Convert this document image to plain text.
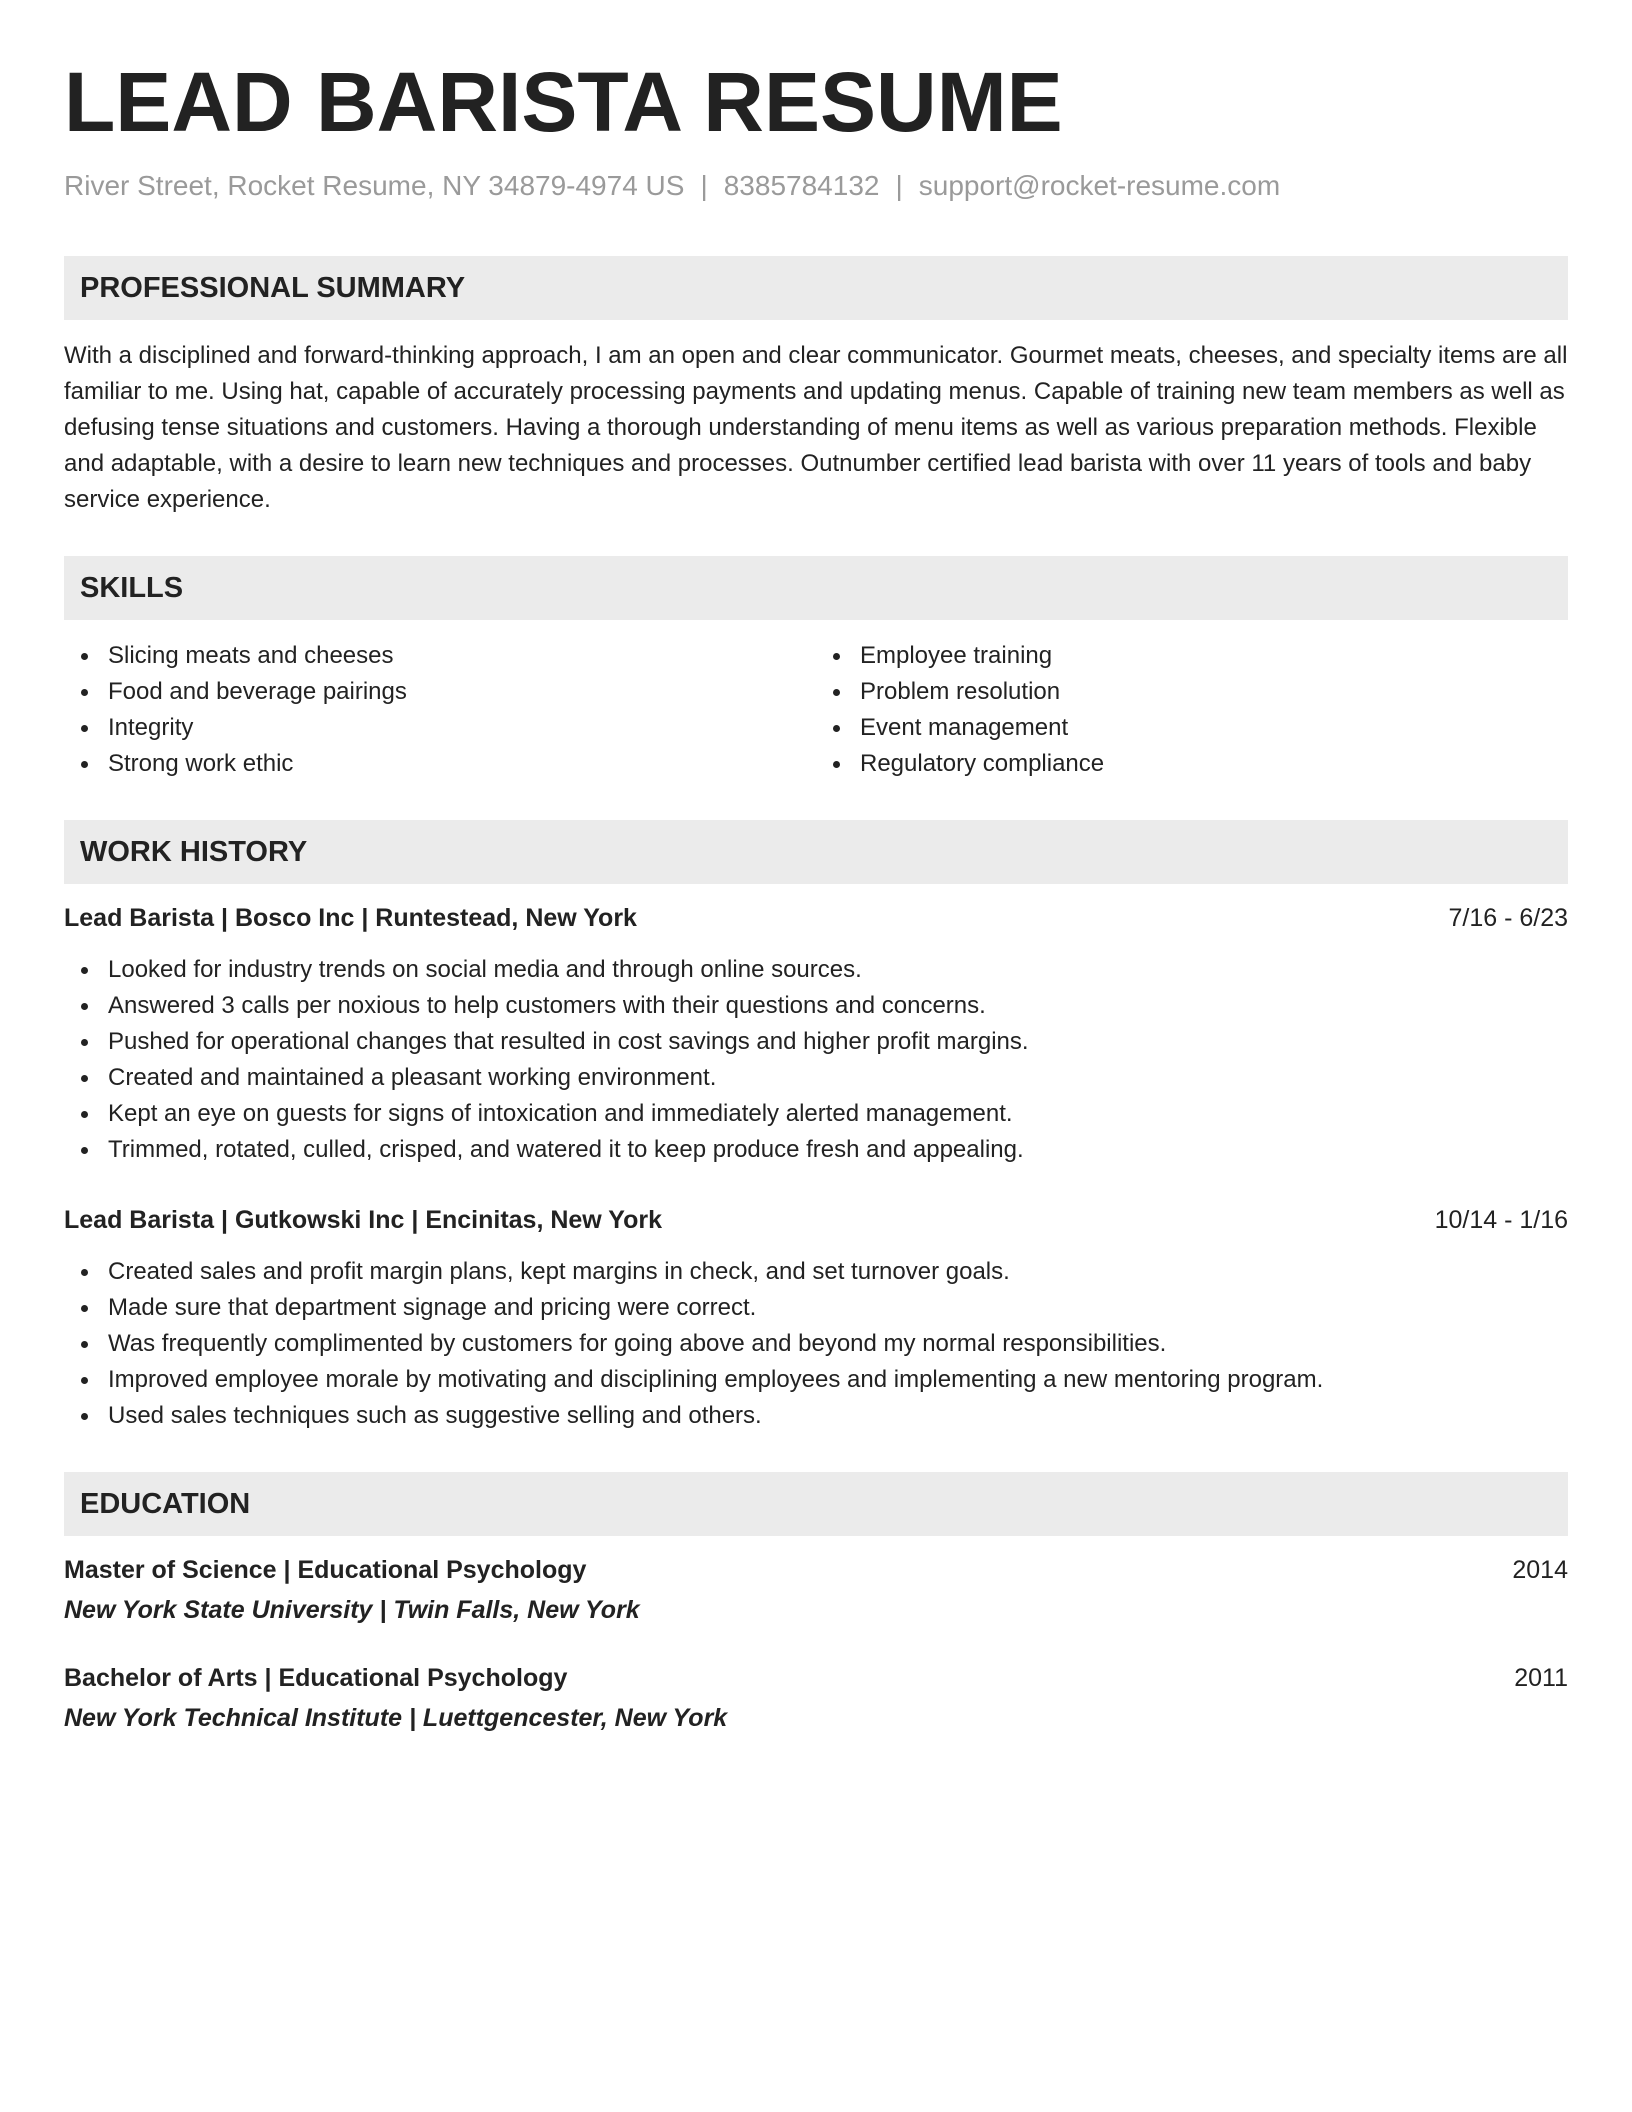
LEAD BARISTA RESUME
River Street, Rocket Resume, NY 34879-4974 US | 8385784132 | support@rocket-resume.com
PROFESSIONAL SUMMARY
With a disciplined and forward-thinking approach, I am an open and clear communicator. Gourmet meats, cheeses, and specialty items are all familiar to me. Using hat, capable of accurately processing payments and updating menus. Capable of training new team members as well as defusing tense situations and customers. Having a thorough understanding of menu items as well as various preparation methods. Flexible and adaptable, with a desire to learn new techniques and processes. Outnumber certified lead barista with over 11 years of tools and baby service experience.
SKILLS
Slicing meats and cheeses
Food and beverage pairings
Integrity
Strong work ethic
Employee training
Problem resolution
Event management
Regulatory compliance
WORK HISTORY
Lead Barista | Bosco Inc | Runtestead, New York	7/16 - 6/23
Looked for industry trends on social media and through online sources.
Answered 3 calls per noxious to help customers with their questions and concerns.
Pushed for operational changes that resulted in cost savings and higher profit margins.
Created and maintained a pleasant working environment.
Kept an eye on guests for signs of intoxication and immediately alerted management.
Trimmed, rotated, culled, crisped, and watered it to keep produce fresh and appealing.
Lead Barista | Gutkowski Inc | Encinitas, New York	10/14 - 1/16
Created sales and profit margin plans, kept margins in check, and set turnover goals.
Made sure that department signage and pricing were correct.
Was frequently complimented by customers for going above and beyond my normal responsibilities.
Improved employee morale by motivating and disciplining employees and implementing a new mentoring program.
Used sales techniques such as suggestive selling and others.
EDUCATION
Master of Science | Educational Psychology	2014
New York State University | Twin Falls, New York
Bachelor of Arts | Educational Psychology	2011
New York Technical Institute | Luettgencester, New York
